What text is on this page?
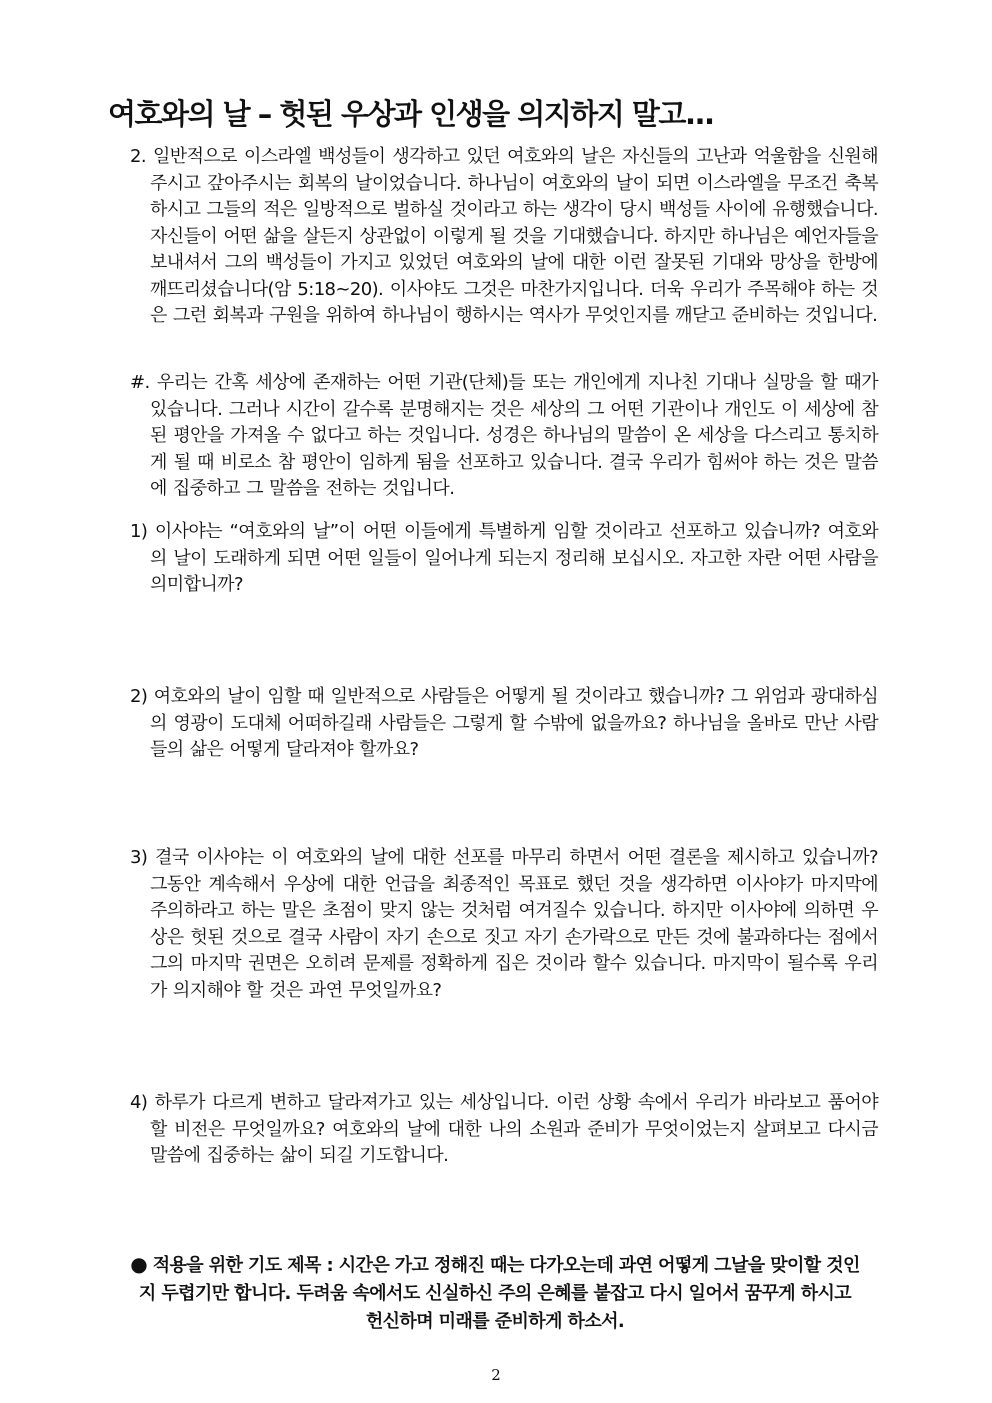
여호와의 날 – 헛된 우상과 인생을 의지하지 말고...
2. 일반적으로 이스라엘 백성들이 생각하고 있던 여호와의 날은 자신들의 고난과 억울함을 신원해 주시고 갚아주시는 회복의 날이었습니다. 하나님이 여호와의 날이 되면 이스라엘을 무조건 축복하시고 그들의 적은 일방적으로 벌하실 것이라고 하는 생각이 당시 백성들 사이에 유행했습니다. 자신들이 어떤 삶을 살든지 상관없이 이렇게 될 것을 기대했습니다. 하지만 하나님은 예언자들을 보내셔서 그의 백성들이 가지고 있었던 여호와의 날에 대한 이런 잘못된 기대와 망상을 한방에 깨뜨리셨습니다(암 5:18~20). 이사야도 그것은 마찬가지입니다. 더욱 우리가 주목해야 하는 것은 그런 회복과 구원을 위하여 하나님이 행하시는 역사가 무엇인지를 깨닫고 준비하는 것입니다.
#. 우리는 간혹 세상에 존재하는 어떤 기관(단체)들 또는 개인에게 지나친 기대나 실망을 할 때가 있습니다. 그러나 시간이 갈수록 분명해지는 것은 세상의 그 어떤 기관이나 개인도 이 세상에 참된 평안을 가져올 수 없다고 하는 것입니다. 성경은 하나님의 말씀이 온 세상을 다스리고 통치하게 될 때 비로소 참 평안이 임하게 됨을 선포하고 있습니다. 결국 우리가 힘써야 하는 것은 말씀에 집중하고 그 말씀을 전하는 것입니다.
1) 이사야는 “여호와의 날”이 어떤 이들에게 특별하게 임할 것이라고 선포하고 있습니까? 여호와의 날이 도래하게 되면 어떤 일들이 일어나게 되는지 정리해 보십시오. 자고한 자란 어떤 사람을 의미합니까?
2) 여호와의 날이 임할 때 일반적으로 사람들은 어떻게 될 것이라고 했습니까? 그 위엄과 광대하심의 영광이 도대체 어떠하길래 사람들은 그렇게 할 수밖에 없을까요? 하나님을 올바로 만난 사람들의 삶은 어떻게 달라져야 할까요?
3) 결국 이사야는 이 여호와의 날에 대한 선포를 마무리 하면서 어떤 결론을 제시하고 있습니까? 그동안 계속해서 우상에 대한 언급을 최종적인 목표로 했던 것을 생각하면 이사야가 마지막에 주의하라고 하는 말은 초점이 맞지 않는 것처럼 여겨질수 있습니다. 하지만 이사야에 의하면 우상은 헛된 것으로 결국 사람이 자기 손으로 짓고 자기 손가락으로 만든 것에 불과하다는 점에서 그의 마지막 권면은 오히려 문제를 정확하게 집은 것이라 할수 있습니다. 마지막이 될수록 우리가 의지해야 할 것은 과연 무엇일까요?
4) 하루가 다르게 변하고 달라져가고 있는 세상입니다. 이런 상황 속에서 우리가 바라보고 품어야 할 비전은 무엇일까요? 여호와의 날에 대한 나의 소원과 준비가 무엇이었는지 살펴보고 다시금 말씀에 집중하는 삶이 되길 기도합니다.
● 적용을 위한 기도 제목 : 시간은 가고 정해진 때는 다가오는데 과연 어떻게 그날을 맞이할 것인지 두렵기만 합니다. 두려움 속에서도 신실하신 주의 은혜를 붙잡고 다시 일어서 꿈꾸게 하시고 헌신하며 미래를 준비하게 하소서.
2
